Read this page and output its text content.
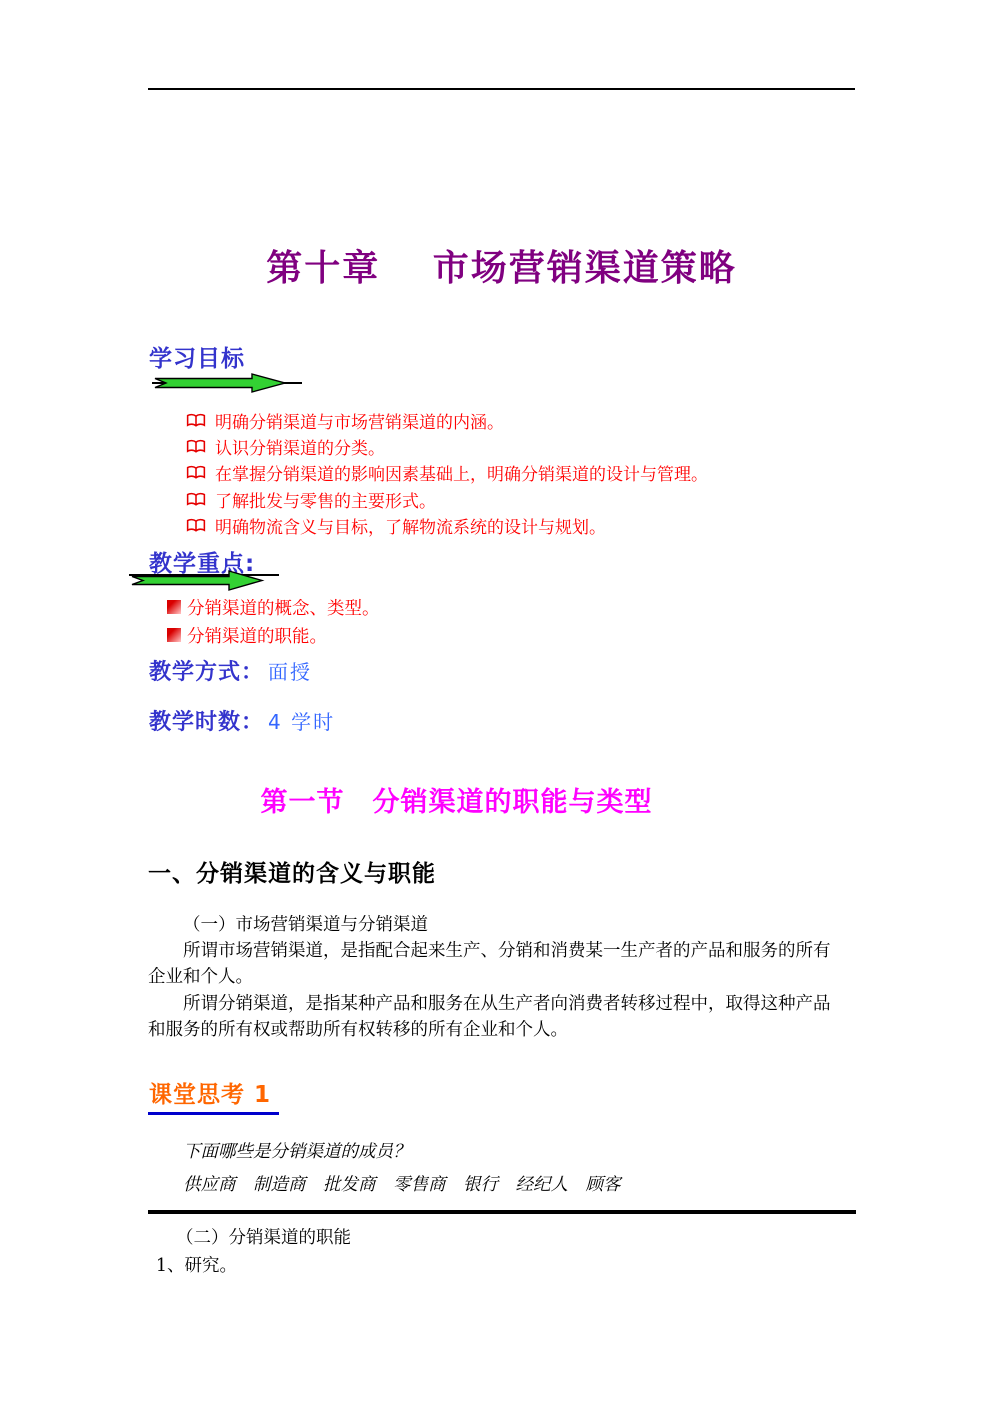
第十章　 市场营销渠道策略
学习目标
明确分销渠道与市场营销渠道的内涵。
认识分销渠道的分类。
在掌握分销渠道的影响因素基础上，明确分销渠道的设计与管理。
了解批发与零售的主要形式。
明确物流含义与目标，了解物流系统的设计与规划。
教学重点:
分销渠道的概念、类型。
分销渠道的职能。
教学方式： 面授
教学时数： 4 学时
第一节　分销渠道的职能与类型
一、分销渠道的含义与职能

（一）市场营销渠道与分销渠道

所谓市场营销渠道，是指配合起来生产、分销和消费某一生产者的产品和服务的所有企业和个人。

所谓分销渠道，是指某种产品和服务在从生产者向消费者转移过程中，取得这种产品和服务的所有权或帮助所有权转移的所有企业和个人。

课堂思考 1

下面哪些是分销渠道的成员？

供应商　制造商　批发商　零售商　银行　经纪人　顾客

（二）分销渠道的职能

1、研究。
